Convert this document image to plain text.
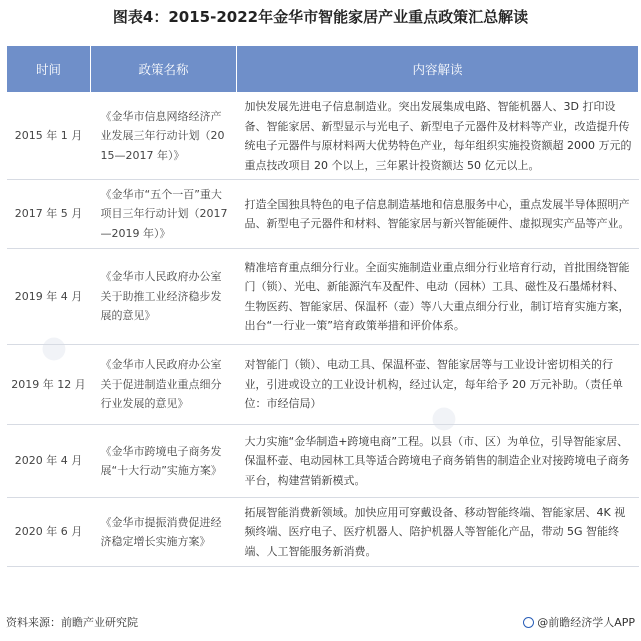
图表4：2015-2022年金华市智能家居产业重点政策汇总解读
●
●
时间	政策名称	内容解读
2015 年 1 月	《金华市信息网络经济产业发展三年行动计划（2015—2017 年）》	加快发展先进电子信息制造业。突出发展集成电路、智能机器人、3D 打印设备、智能家居、新型显示与光电子、新型电子元器件及材料等产业，改造提升传统电子元器件与原材料两大优势特色产业，每年组织实施投资额超 2000 万元的重点技改项目 20 个以上，三年累计投资额达 50 亿元以上。
2017 年 5 月	《金华市“五个一百”重大项目三年行动计划（2017—2019 年）》	打造全国独具特色的电子信息制造基地和信息服务中心，重点发展半导体照明产品、新型电子元器件和材料、智能家居与新兴智能硬件、虚拟现实产品等产业。
2019 年 4 月	《金华市人民政府办公室关于助推工业经济稳步发展的意见》	精准培育重点细分行业。全面实施制造业重点细分行业培育行动，首批围绕智能门（锁）、光电、新能源汽车及配件、电动（园林）工具、磁性及石墨烯材料、生物医药、智能家居、保温杯（壶）等八大重点细分行业，制订培育实施方案，出台“一行业一策”培育政策举措和评价体系。
2019 年 12 月	《金华市人民政府办公室关于促进制造业重点细分行业发展的意见》	对智能门（锁）、电动工具、保温杯壶、智能家居等与工业设计密切相关的行业，引进或设立的工业设计机构，经过认定，每年给予 20 万元补助。（责任单位：市经信局）
2020 年 4 月	《金华市跨境电子商务发展“十大行动”实施方案》	大力实施“金华制造+跨境电商”工程。以县（市、区）为单位，引导智能家居、保温杯壶、电动园林工具等适合跨境电子商务销售的制造企业对接跨境电子商务平台，构建营销新模式。
2020 年 6 月	《金华市提振消费促进经济稳定增长实施方案》	拓展智能消费新领域。加快应用可穿戴设备、移动智能终端、智能家居、4K 视频终端、医疗电子、医疗机器人、陪护机器人等智能化产品，带动 5G 智能终端、人工智能服务新消费。
资料来源：前瞻产业研究院	@前瞻经济学人APP
